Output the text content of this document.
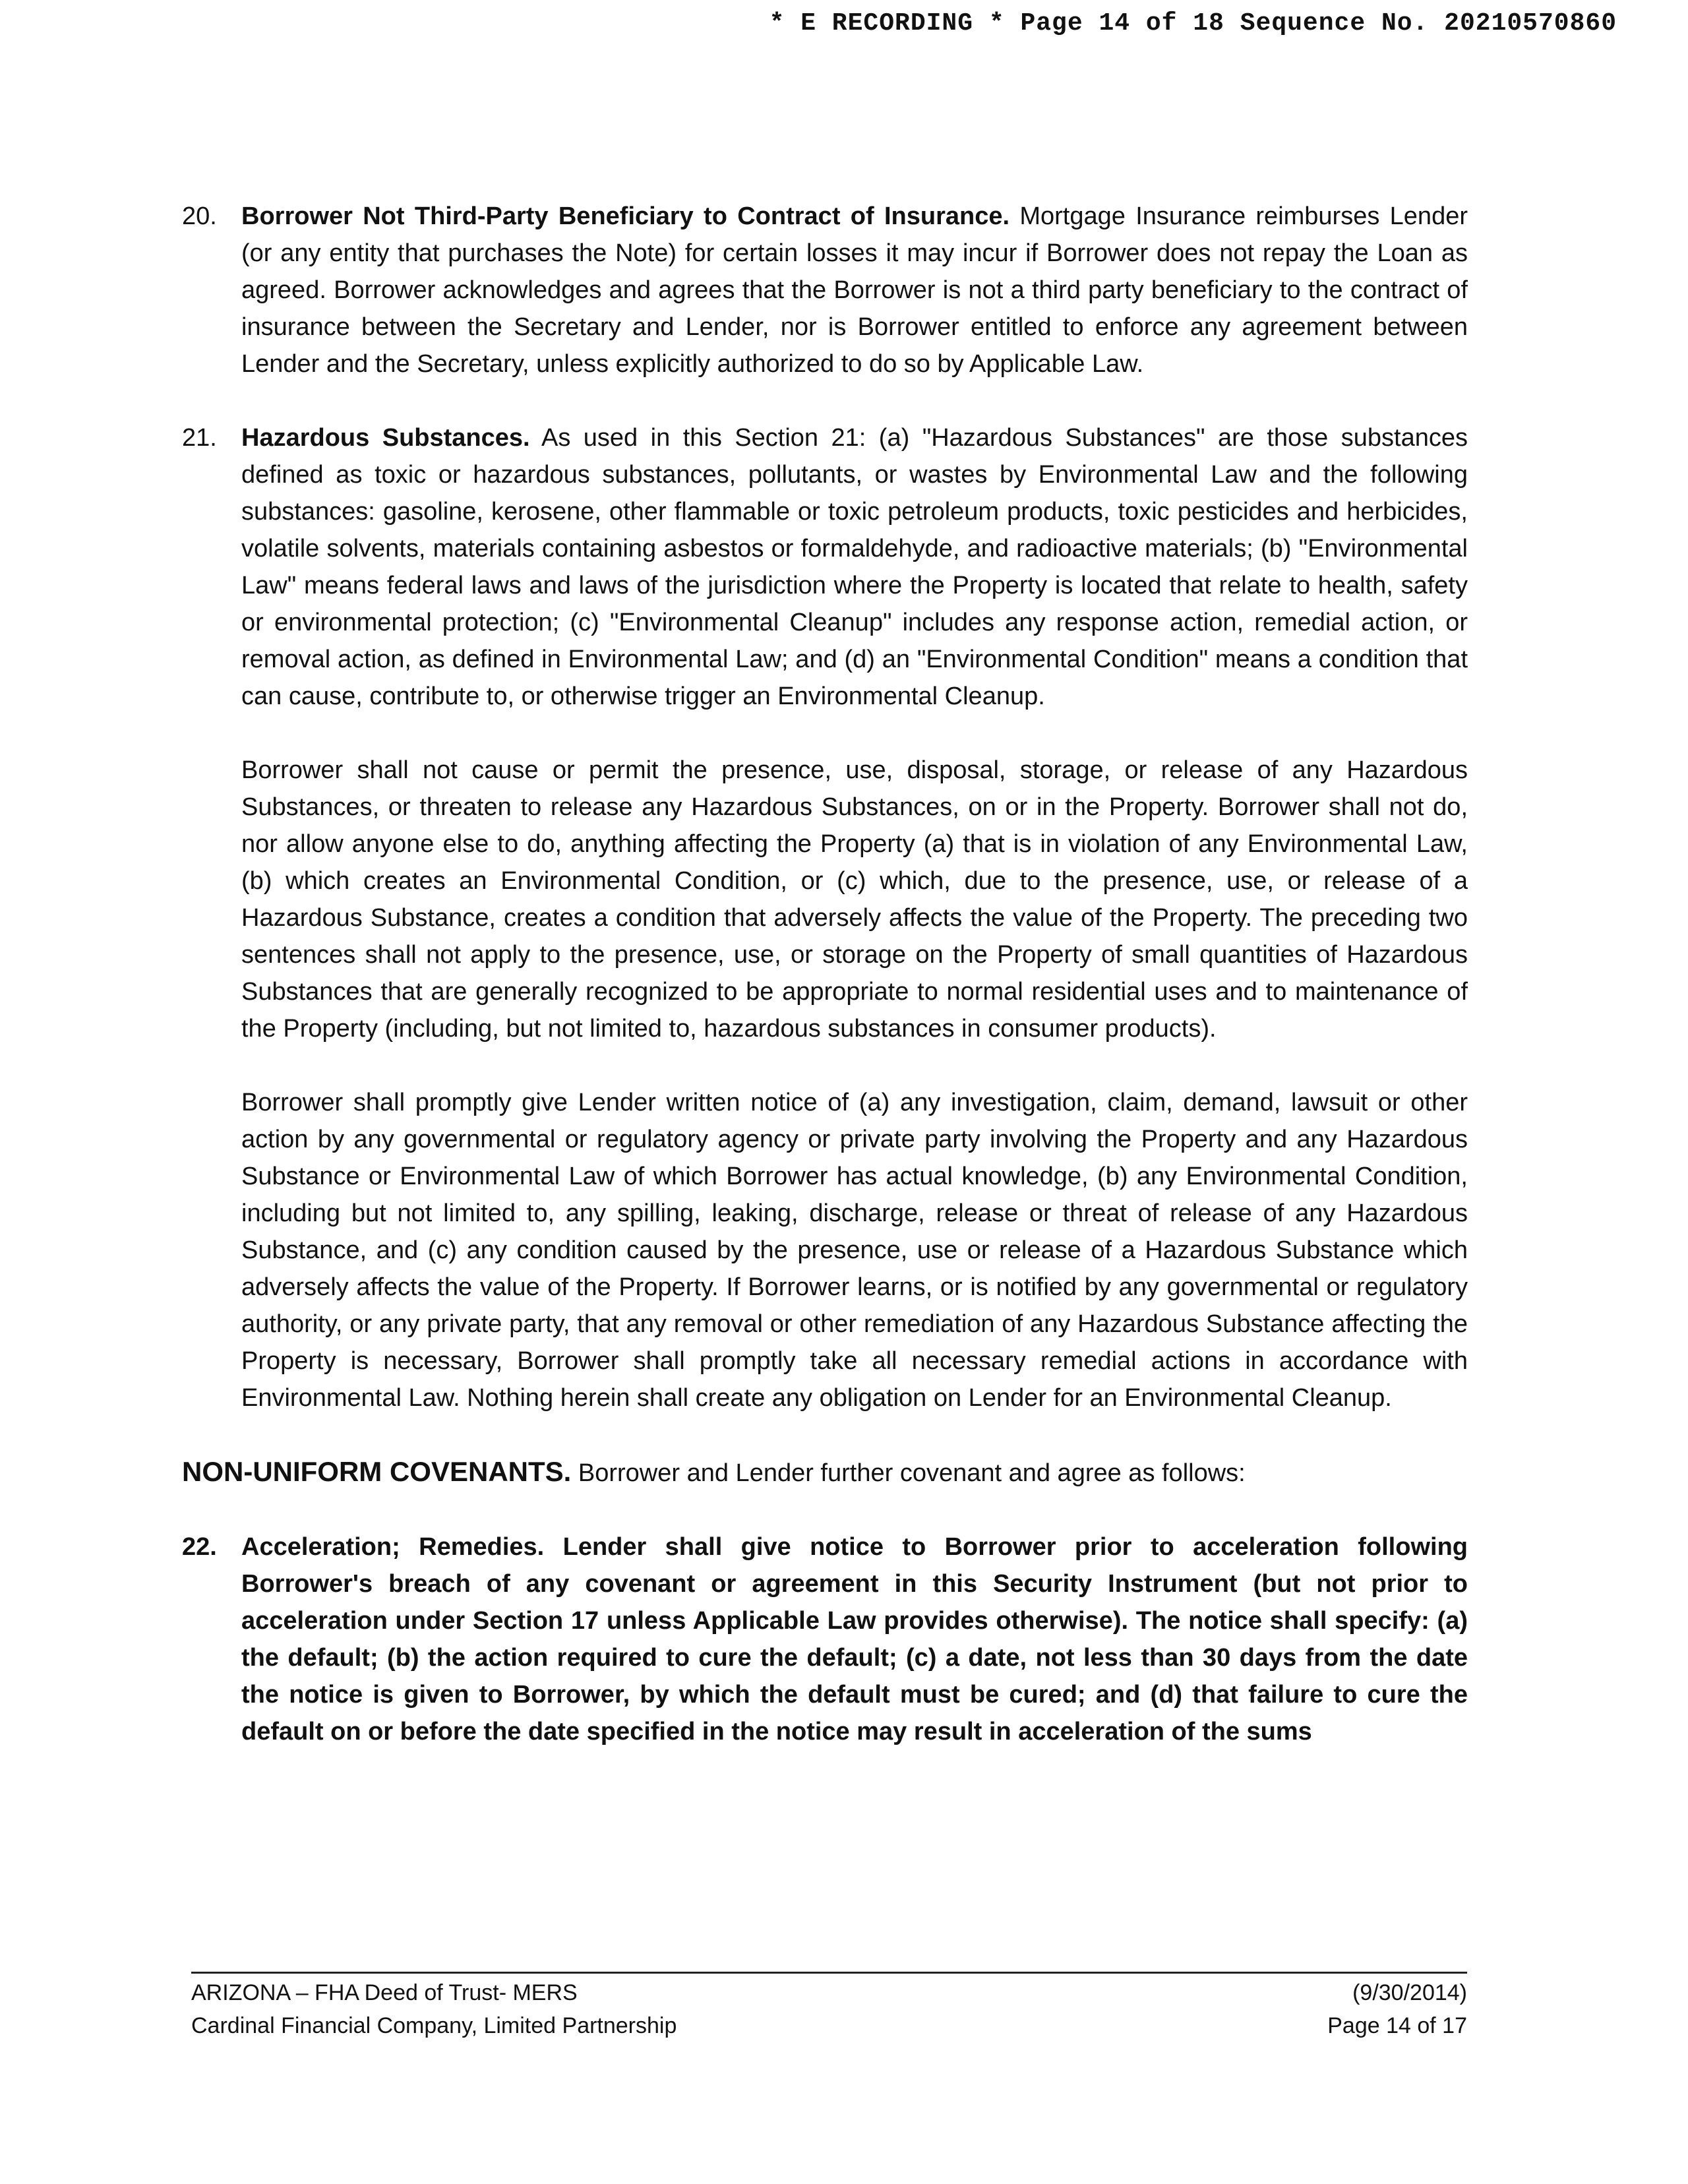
* E RECORDING * Page 14 of 18 Sequence No. 20210570860
20. Borrower Not Third-Party Beneficiary to Contract of Insurance. Mortgage Insurance reimburses Lender (or any entity that purchases the Note) for certain losses it may incur if Borrower does not repay the Loan as agreed. Borrower acknowledges and agrees that the Borrower is not a third party beneficiary to the contract of insurance between the Secretary and Lender, nor is Borrower entitled to enforce any agreement between Lender and the Secretary, unless explicitly authorized to do so by Applicable Law.

21. Hazardous Substances. As used in this Section 21: (a) "Hazardous Substances" are those substances defined as toxic or hazardous substances, pollutants, or wastes by Environmental Law and the following substances: gasoline, kerosene, other flammable or toxic petroleum products, toxic pesticides and herbicides, volatile solvents, materials containing asbestos or formaldehyde, and radioactive materials; (b) "Environmental Law" means federal laws and laws of the jurisdiction where the Property is located that relate to health, safety or environmental protection; (c) "Environmental Cleanup" includes any response action, remedial action, or removal action, as defined in Environmental Law; and (d) an "Environmental Condition" means a condition that can cause, contribute to, or otherwise trigger an Environmental Cleanup.

Borrower shall not cause or permit the presence, use, disposal, storage, or release of any Hazardous Substances, or threaten to release any Hazardous Substances, on or in the Property. Borrower shall not do, nor allow anyone else to do, anything affecting the Property (a) that is in violation of any Environmental Law, (b) which creates an Environmental Condition, or (c) which, due to the presence, use, or release of a Hazardous Substance, creates a condition that adversely affects the value of the Property. The preceding two sentences shall not apply to the presence, use, or storage on the Property of small quantities of Hazardous Substances that are generally recognized to be appropriate to normal residential uses and to maintenance of the Property (including, but not limited to, hazardous substances in consumer products).

Borrower shall promptly give Lender written notice of (a) any investigation, claim, demand, lawsuit or other action by any governmental or regulatory agency or private party involving the Property and any Hazardous Substance or Environmental Law of which Borrower has actual knowledge, (b) any Environmental Condition, including but not limited to, any spilling, leaking, discharge, release or threat of release of any Hazardous Substance, and (c) any condition caused by the presence, use or release of a Hazardous Substance which adversely affects the value of the Property. If Borrower learns, or is notified by any governmental or regulatory authority, or any private party, that any removal or other remediation of any Hazardous Substance affecting the Property is necessary, Borrower shall promptly take all necessary remedial actions in accordance with Environmental Law. Nothing herein shall create any obligation on Lender for an Environmental Cleanup.

NON-UNIFORM COVENANTS. Borrower and Lender further covenant and agree as follows:

22. Acceleration; Remedies. Lender shall give notice to Borrower prior to acceleration following Borrower's breach of any covenant or agreement in this Security Instrument (but not prior to acceleration under Section 17 unless Applicable Law provides otherwise). The notice shall specify: (a) the default; (b) the action required to cure the default; (c) a date, not less than 30 days from the date the notice is given to Borrower, by which the default must be cured; and (d) that failure to cure the default on or before the date specified in the notice may result in acceleration of the sums

ARIZONA – FHA Deed of Trust- MERS	(9/30/2014)
Cardinal Financial Company, Limited Partnership	Page 14 of 17
